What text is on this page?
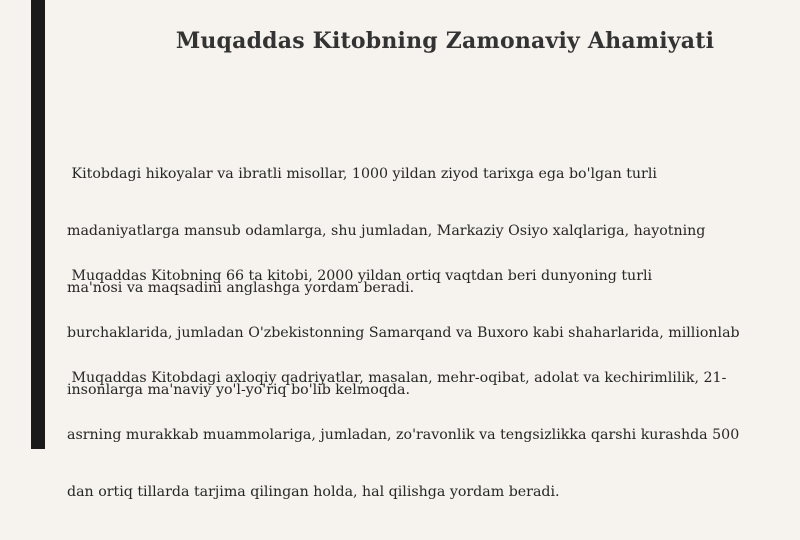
Muqaddas Kitobning Zamonaviy Ahamiyati

Kitobdagi hikoyalar va ibratli misollar, 1000 yildan ziyod tarixga ega bo'lgan turli

madaniyatlarga mansub odamlarga, shu jumladan, Markaziy Osiyo xalqlariga, hayotning

ma'nosi va maqsadini anglashga yordam beradi.

Muqaddas Kitobning 66 ta kitobi, 2000 yildan ortiq vaqtdan beri dunyoning turli

burchaklarida, jumladan O'zbekistonning Samarqand va Buxoro kabi shaharlarida, millionlab

insonlarga ma'naviy yo'l-yo'riq bo'lib kelmoqda.

Muqaddas Kitobdagi axloqiy qadriyatlar, masalan, mehr-oqibat, adolat va kechirimlilik, 21-

asrning murakkab muammolariga, jumladan, zo'ravonlik va tengsizlikka qarshi kurashda 500

dan ortiq tillarda tarjima qilingan holda, hal qilishga yordam beradi.
